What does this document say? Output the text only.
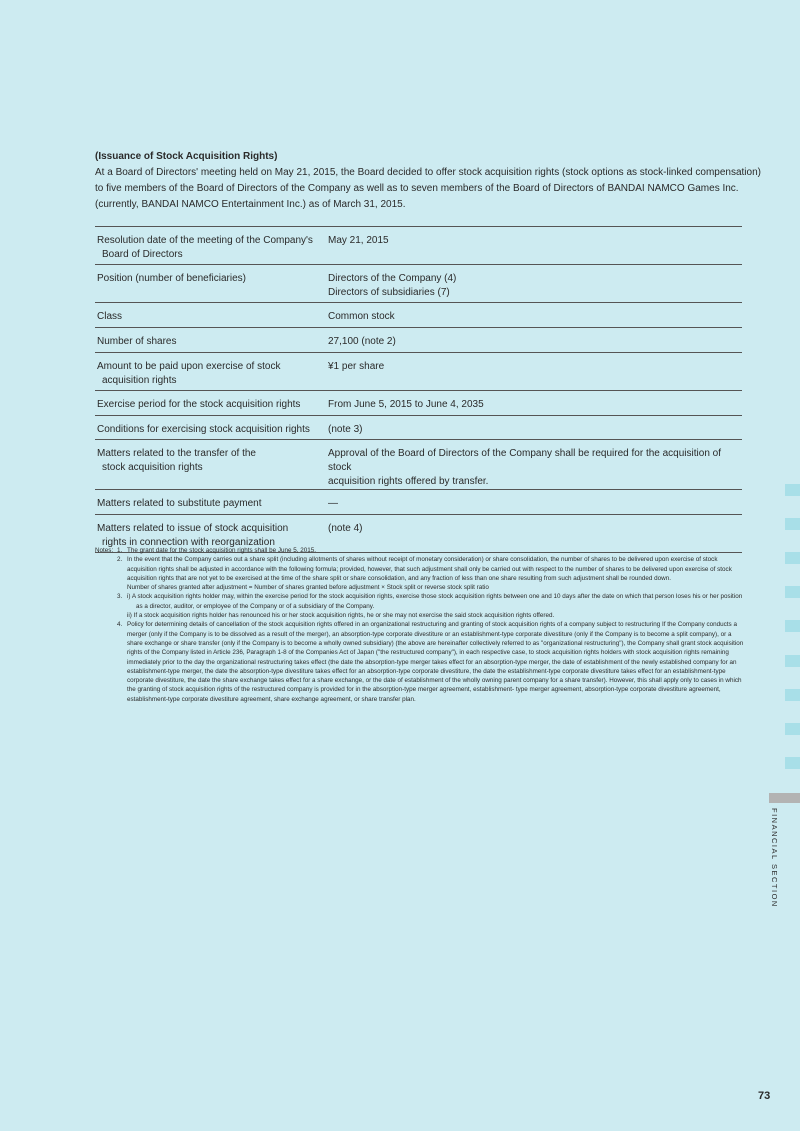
(Issuance of Stock Acquisition Rights)
At a Board of Directors' meeting held on May 21, 2015, the Board decided to offer stock acquisition rights (stock options as stock-linked compensation)
to five members of the Board of Directors of the Company as well as to seven members of the Board of Directors of BANDAI NAMCO Games Inc.
(currently, BANDAI NAMCO Entertainment Inc.) as of March 31, 2015.
Resolution date of the meeting of the Company's
Board of Directors	May 21, 2015

Position (number of beneficiaries)	Directors of the Company (4)
Directors of subsidiaries (7)

Class	Common stock

Number of shares	27,100 (note 2)

Amount to be paid upon exercise of stock
acquisition rights	¥1 per share

Exercise period for the stock acquisition rights	From June 5, 2015 to June 4, 2035

Conditions for exercising stock acquisition rights	(note 3)

Matters related to the transfer of the
stock acquisition rights	Approval of the Board of Directors of the Company shall be required for the acquisition of stock
acquisition rights offered by transfer.

Matters related to substitute payment	—

Matters related to issue of stock acquisition
rights in connection with reorganization	(note 4)
Notes: 1. The grant date for the stock acquisition rights shall be June 5, 2015.
2. In the event that the Company carries out a share split (including allotments of shares without receipt of monetary consideration) or share consolidation, the number of shares to be delivered upon exercise of stock acquisition rights shall be adjusted in accordance with the following formula; provided, however, that such adjustment shall only be carried out with respect to the number of shares to be delivered upon exercise of stock acquisition rights that are not yet to be exercised at the time of the share split or share consolidation, and any fraction of less than one share resulting from such adjustment shall be rounded down.
Number of shares granted after adjustment = Number of shares granted before adjustment × Stock split or reverse stock split ratio
3. i) A stock acquisition rights holder may, within the exercise period for the stock acquisition rights, exercise those stock acquisition rights between one and 10 days after the date on which that person loses his or her position as a director, auditor, or employee of the Company or of a subsidiary of the Company.
ii) If a stock acquisition rights holder has renounced his or her stock acquisition rights, he or she may not exercise the said stock acquisition rights offered.
4. Policy for determining details of cancellation of the stock acquisition rights offered in an organizational restructuring and granting of stock acquisition rights of a company subject to restructuring If the Company conducts a merger (only if the Company is to be dissolved as a result of the merger), an absorption-type corporate divestiture or an establishment-type corporate divestiture (only if the Company is to become a split company), or a share exchange or share transfer (only if the Company is to become a wholly owned subsidiary) (the above are hereinafter collectively referred to as "organizational restructuring"), the Company shall grant stock acquisition rights of the Company listed in Article 236, Paragraph 1-8 of the Companies Act of Japan ("the restructured company"), in each respective case, to stock acquisition rights holders with stock acquisition rights remaining immediately prior to the day the organizational restructuring takes effect (the date the absorption-type merger takes effect for an absorption-type merger, the date of establishment of the newly established company for an establishment-type merger, the date the absorption-type divestiture takes effect for an absorption-type corporate divestiture, the date the establishment-type corporate divestiture takes effect for an establishment-type corporate divestiture, the date the share exchange takes effect for a share exchange, or the date of establishment of the wholly owning parent company for a share transfer). However, this shall apply only to cases in which the granting of stock acquisition rights of the restructured company is provided for in the absorption-type merger agreement, establishment- type merger agreement, absorption-type corporate divestiture agreement, establishment-type corporate divestiture agreement, share exchange agreement, or share transfer plan.
FINANCIAL SECTION
73
